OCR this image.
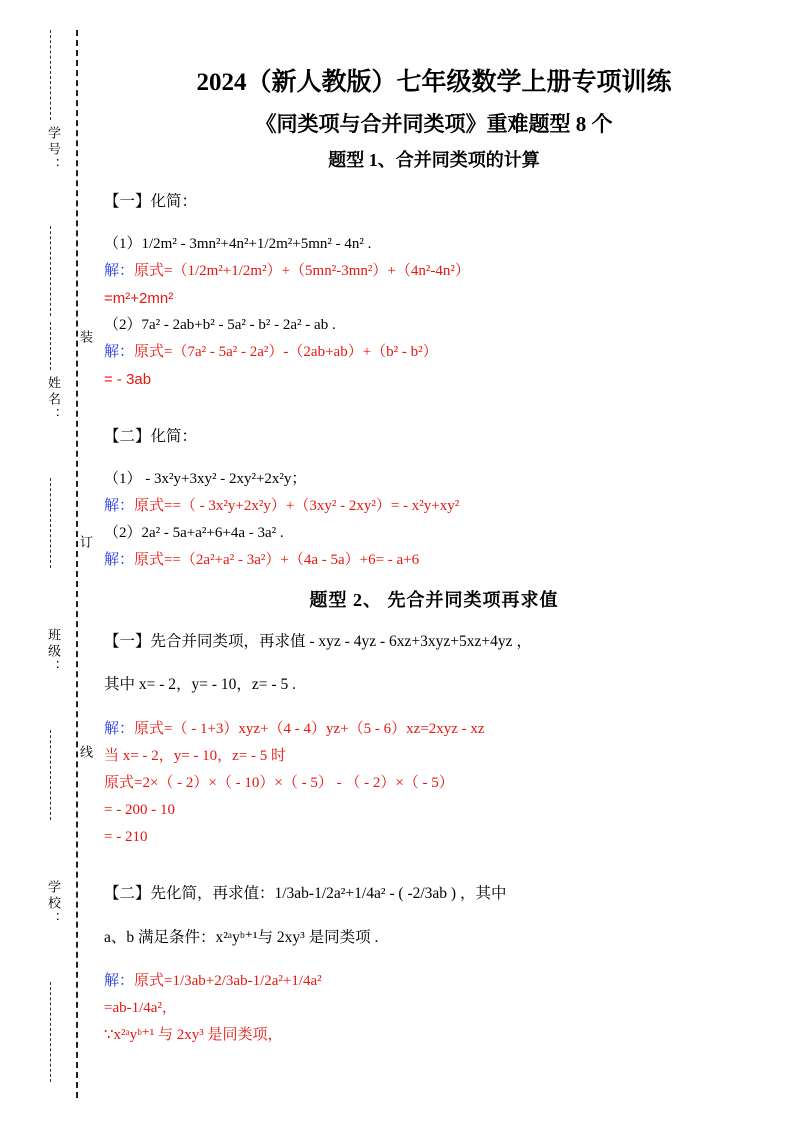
学号：
姓名：
班级：
学校：
装
订
线
2024（新人教版）七年级数学上册专项训练
《同类项与合并同类项》重难题型 8 个
题型 1、合并同类项的计算

【一】化简：

（1）1/2m² - 3mn²+4n²+1/2m²+5mn² - 4n² .

解：原式=（1/2m²+1/2m²）+（5mn²-3mn²）+（4n²-4n²）

=m²+2mn²

（2）7a² - 2ab+b² - 5a² - b² - 2a² - ab .

解：原式=（7a² - 5a² - 2a²）-（2ab+ab）+（b² - b²）

= - 3ab

【二】化简：

（1） - 3x²y+3xy² - 2xy²+2x²y；

解：原式==（ - 3x²y+2x²y）+（3xy² - 2xy²）= - x²y+xy²

（2）2a² - 5a+a²+6+4a - 3a² .

解：原式==（2a²+a² - 3a²）+（4a - 5a）+6= - a+6

题型 2、 先合并同类项再求值

【一】先合并同类项，再求值 - xyz - 4yz - 6xz+3xyz+5xz+4yz ，

其中 x= - 2，y= - 10，z= - 5 .

解：原式=（ - 1+3）xyz+（4 - 4）yz+（5 - 6）xz=2xyz - xz

当 x= - 2，y= - 10，z= - 5 时

原式=2×（ - 2）×（ - 10）×（ - 5） - （ - 2）×（ - 5）

= - 200 - 10

= - 210

【二】先化简，再求值：1/3ab-1/2a²+1/4a² - ( -2/3ab ) ，其中

a、b 满足条件：x²ᵃyᵇ⁺¹与 2xy³ 是同类项 .

解：原式=1/3ab+2/3ab-1/2a²+1/4a²

=ab-1/4a²，

∵x²ᵃyᵇ⁺¹ 与 2xy³ 是同类项，
